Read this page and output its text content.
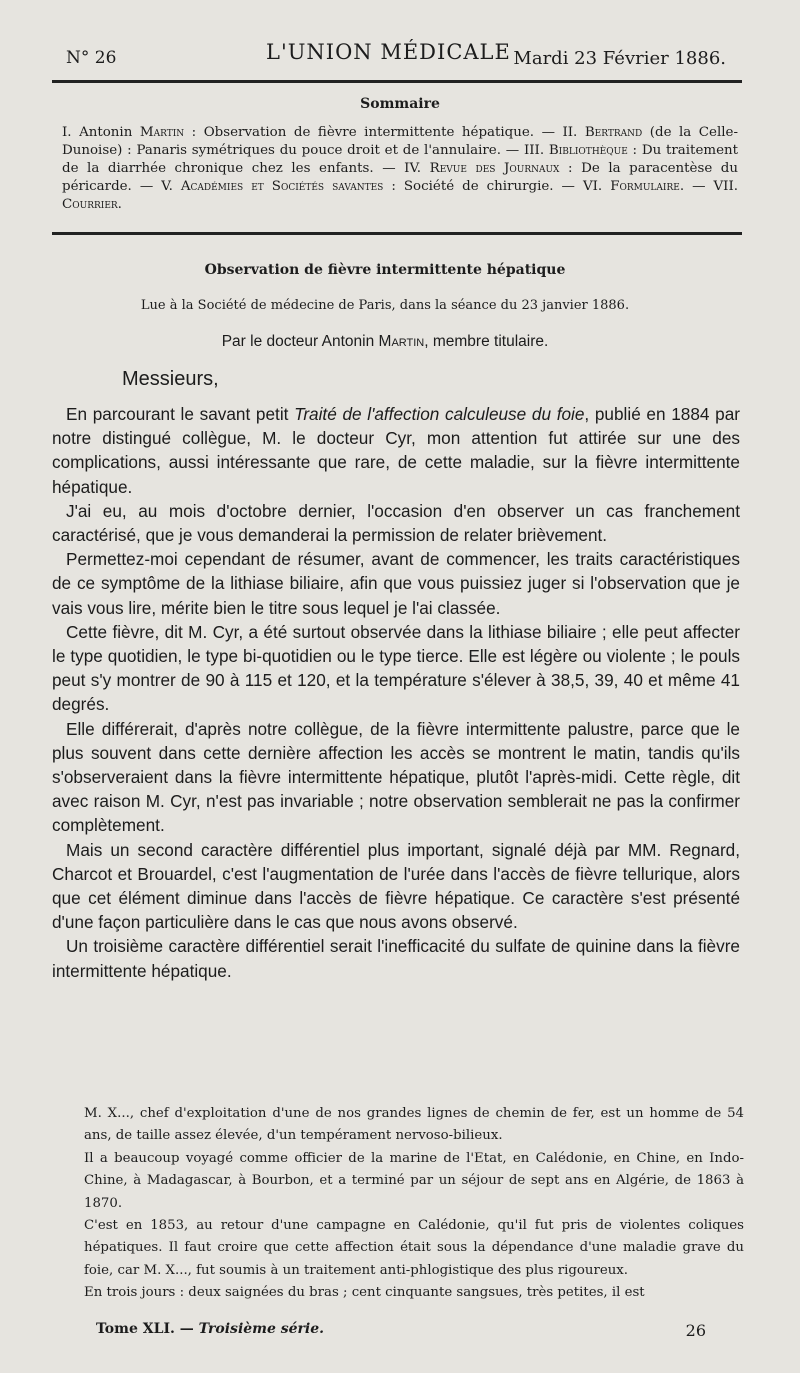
N° 26	L'UNION MÉDICALE Mardi 23 Février 1886.
Sommaire
I. Antonin Martin : Observation de fièvre intermittente hépatique. — II. Bertrand (de la Celle-Dunoise) : Panaris symétriques du pouce droit et de l'annulaire. — III. Bibliothèque : Du traitement de la diarrhée chronique chez les enfants. — IV. Revue des Journaux : De la paracentèse du péricarde. — V. Académies et Sociétés savantes : Société de chirurgie. — VI. Formulaire. — VII. Courrier.
Observation de fièvre intermittente hépatique
Lue à la Société de médecine de Paris, dans la séance du 23 janvier 1886.
Par le docteur Antonin Martin, membre titulaire.
Messieurs,

En parcourant le savant petit Traité de l'affection calculeuse du foie, publié en 1884 par notre distingué collègue, M. le docteur Cyr, mon attention fut attirée sur une des complications, aussi intéressante que rare, de cette maladie, sur la fièvre intermittente hépatique.

J'ai eu, au mois d'octobre dernier, l'occasion d'en observer un cas franchement caractérisé, que je vous demanderai la permission de relater brièvement.

Permettez-moi cependant de résumer, avant de commencer, les traits caractéristiques de ce symptôme de la lithiase biliaire, afin que vous puissiez juger si l'observation que je vais vous lire, mérite bien le titre sous lequel je l'ai classée.

Cette fièvre, dit M. Cyr, a été surtout observée dans la lithiase biliaire ; elle peut affecter le type quotidien, le type bi-quotidien ou le type tierce. Elle est légère ou violente ; le pouls peut s'y montrer de 90 à 115 et 120, et la température s'élever à 38,5, 39, 40 et même 41 degrés.

Elle différerait, d'après notre collègue, de la fièvre intermittente palustre, parce que le plus souvent dans cette dernière affection les accès se montrent le matin, tandis qu'ils s'observeraient dans la fièvre intermittente hépatique, plutôt l'après-midi. Cette règle, dit avec raison M. Cyr, n'est pas invariable ; notre observation semblerait ne pas la confirmer complètement.

Mais un second caractère différentiel plus important, signalé déjà par MM. Regnard, Charcot et Brouardel, c'est l'augmentation de l'urée dans l'accès de fièvre tellurique, alors que cet élément diminue dans l'accès de fièvre hépatique. Ce caractère s'est présenté d'une façon particulière dans le cas que nous avons observé.

Un troisième caractère différentiel serait l'inefficacité du sulfate de quinine dans la fièvre intermittente hépatique.

M. X..., chef d'exploitation d'une de nos grandes lignes de chemin de fer, est un homme de 54 ans, de taille assez élevée, d'un tempérament nervoso-bilieux.

Il a beaucoup voyagé comme officier de la marine de l'Etat, en Calédonie, en Chine, en Indo-Chine, à Madagascar, à Bourbon, et a terminé par un séjour de sept ans en Algérie, de 1863 à 1870.

C'est en 1853, au retour d'une campagne en Calédonie, qu'il fut pris de violentes coliques hépatiques. Il faut croire que cette affection était sous la dépendance d'une maladie grave du foie, car M. X..., fut soumis à un traitement anti-phlogistique des plus rigoureux.

En trois jours : deux saignées du bras ; cent cinquante sangsues, très petites, il est

Tome XLI. — Troisième série.	26
